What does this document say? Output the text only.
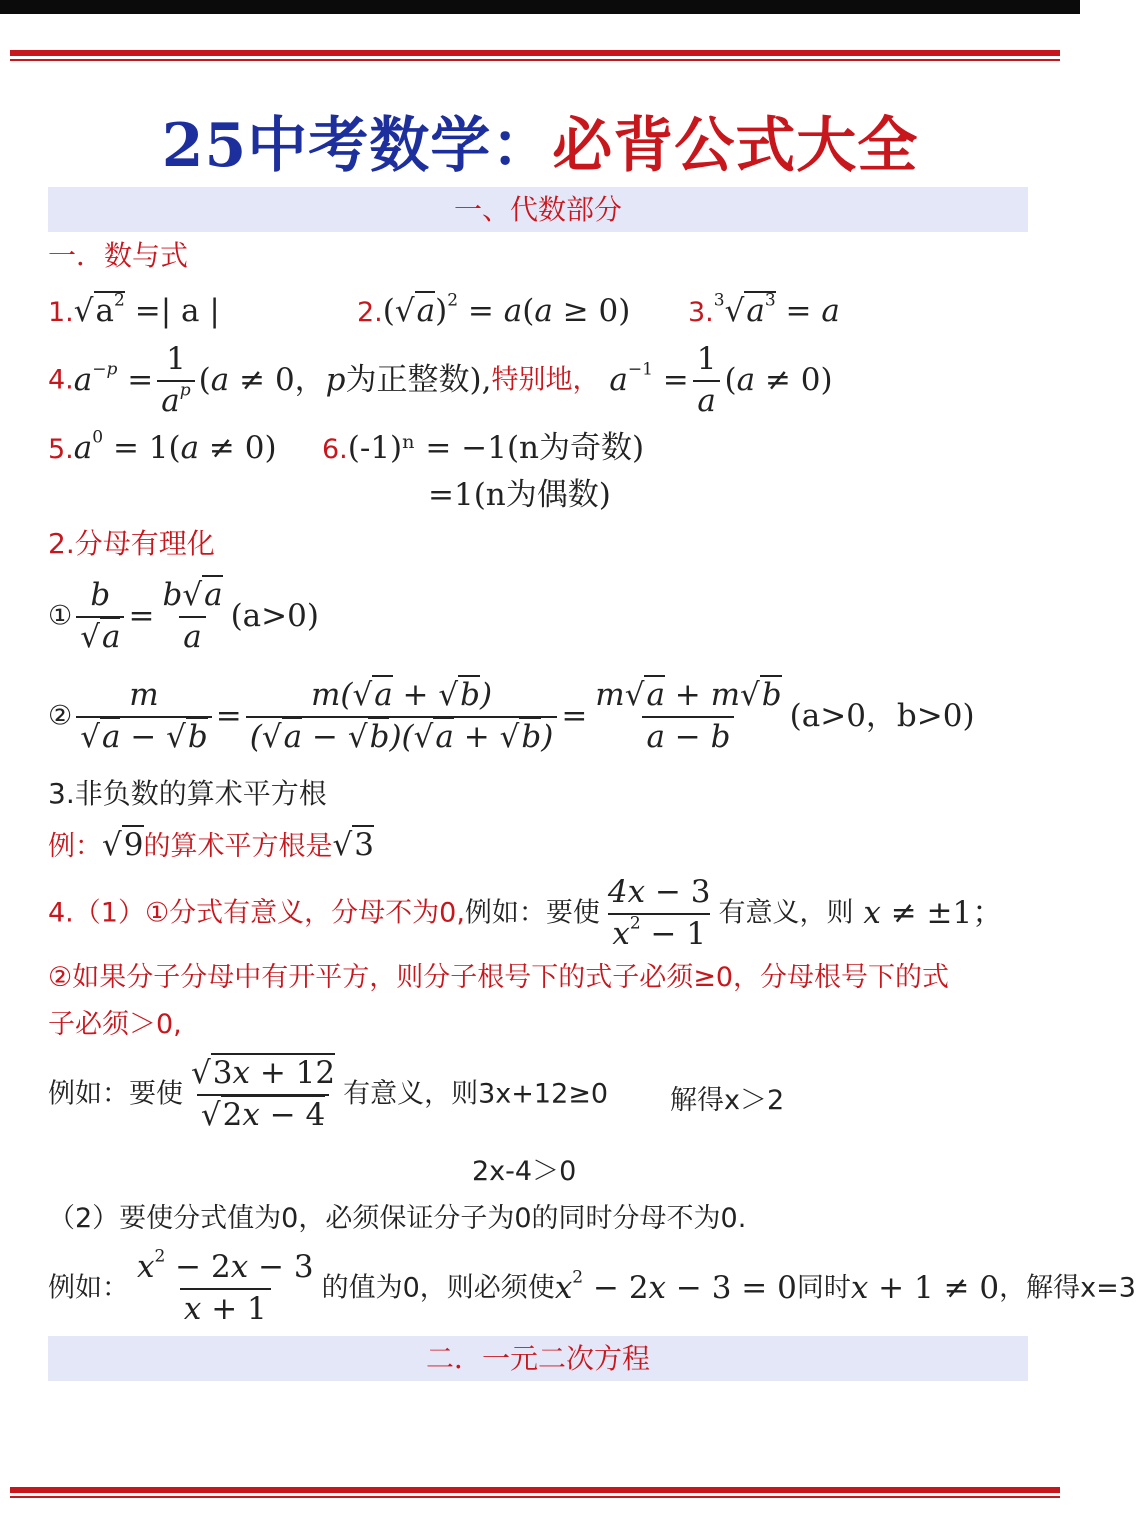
25中考数学：必背公式大全
一、代数部分
一．数与式
$1.√a^2$ =| a |	$2.(√a)^2 = a(a \ge 0) 3.^3√a^3 = a$
$4.a^{-p} = \frac{1}{a^p} (a \ne 0$，p为正整数),特别地， $a^{-1} = \frac{1}{a} (a \ne 0)$
$5.a^0 = 1(a \ne 0) 6.(-1)^n = -1(n$为奇数)
=1(n为偶数)
2.分母有理化
① $\frac{b}{√a} = \frac{b√a}{a} (a>0)$
② $\frac{m}{√a - √b} = \frac{m(√a + √b)}{(√a - √b)(√a + √b)} = \frac{m√a + m√b}{a - b} (a>0$，b>0)
3.非负数的算术平方根
例：√9的算术平方根是√3
4.（1）①分式有意义，分母不为0,例如：要使 $\frac{4x - 3}{x^2 - 1}$ 有意义，则 x ≠ ±1；
②如果分子分母中有开平方，则分子根号下的式子必须≥0，分母根号下的式
子必须＞0,
例如：要使 $\frac{√3x + 12}{√2x - 4}$ 有意义，则3x+12≥0 解得x＞2
2x-4＞0
（2）要使分式值为0，必须保证分子为0的同时分母不为0.
例如： $\frac{x^2 - 2x - 3}{x + 1}$ 的值为0，则必须使$x^2 - 2x - 3 = 0$同时x + 1 ≠ 0，解得x=3
二．一元二次方程
